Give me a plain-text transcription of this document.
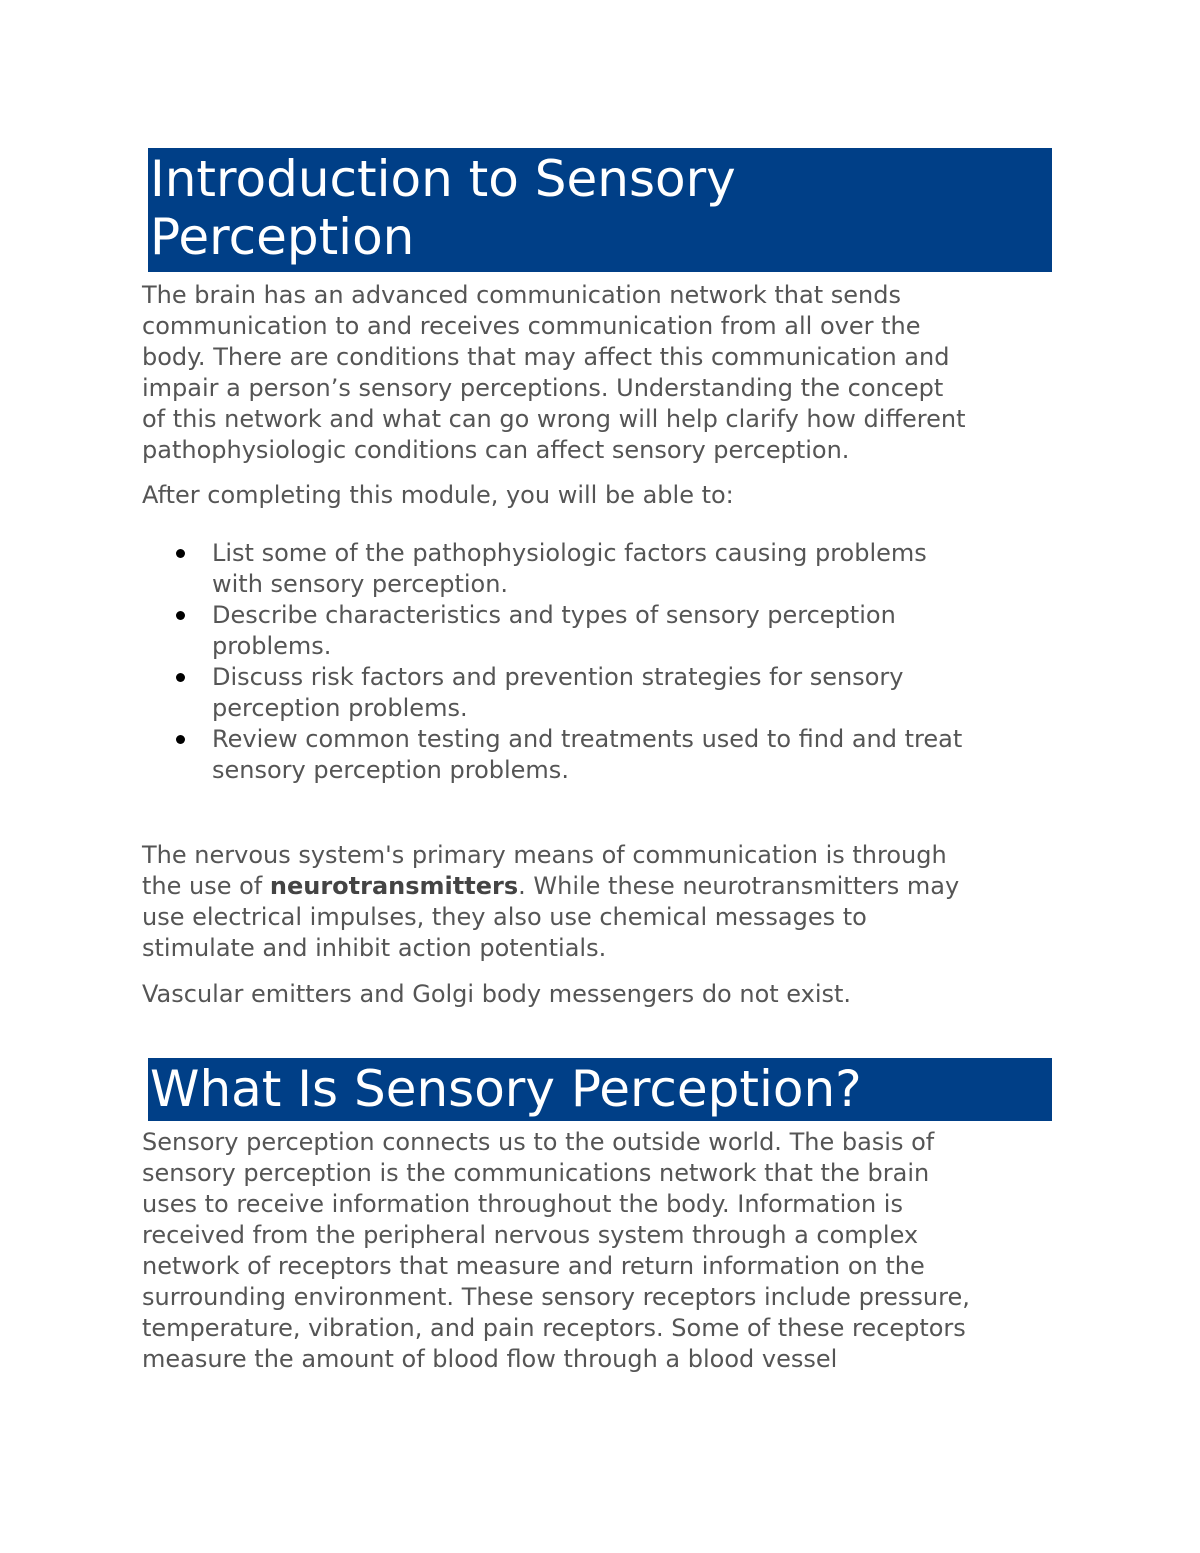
Introduction to Sensory
Perception

The brain has an advanced communication network that sends
communication to and receives communication from all over the
body. There are conditions that may affect this communication and
impair a person’s sensory perceptions. Understanding the concept
of this network and what can go wrong will help clarify how different
pathophysiologic conditions can affect sensory perception.

After completing this module, you will be able to:

List some of the pathophysiologic factors causing problems
with sensory perception.
Describe characteristics and types of sensory perception
problems.
Discuss risk factors and prevention strategies for sensory
perception problems.
Review common testing and treatments used to find and treat
sensory perception problems.

The nervous system's primary means of communication is through
the use of neurotransmitters. While these neurotransmitters may
use electrical impulses, they also use chemical messages to
stimulate and inhibit action potentials.

Vascular emitters and Golgi body messengers do not exist.

What Is Sensory Perception?

Sensory perception connects us to the outside world. The basis of
sensory perception is the communications network that the brain
uses to receive information throughout the body. Information is
received from the peripheral nervous system through a complex
network of receptors that measure and return information on the
surrounding environment. These sensory receptors include pressure,
temperature, vibration, and pain receptors. Some of these receptors
measure the amount of blood flow through a blood vessel
